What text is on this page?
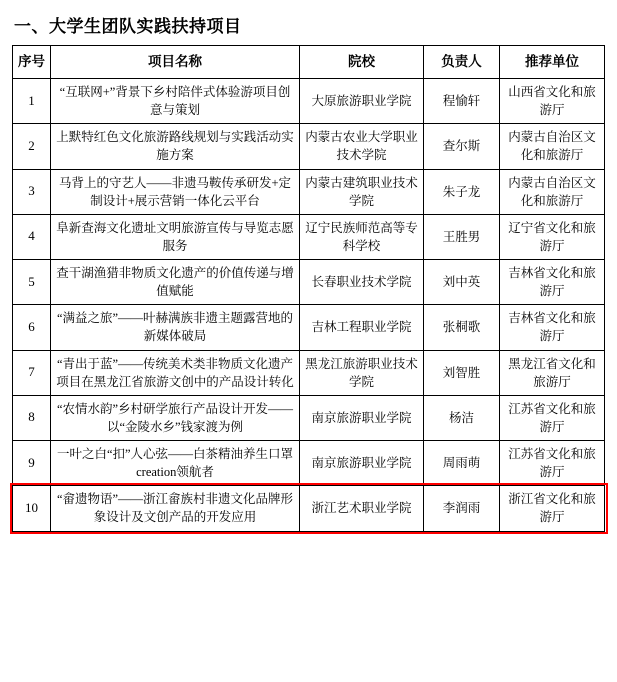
一、大学生团队实践扶持项目
序号	项目名称	院校	负责人	推荐单位
1	“互联网+”背景下乡村陪伴式体验游项目创意与策划	大原旅游职业学院	程愉轩	山西省文化和旅游厅
2	上默特红色文化旅游路线规划与实践活动实施方案	内蒙古农业大学职业技术学院	查尔斯	内蒙古自治区文化和旅游厅
3	马背上的守艺人——非遗马鞍传承研发+定制设计+展示营销一体化云平台	内蒙古建筑职业技术学院	朱子龙	内蒙古自治区文化和旅游厅
4	阜新查海文化遗址文明旅游宣传与导览志愿服务	辽宁民族师范高等专科学校	王胜男	辽宁省文化和旅游厅
5	查干湖渔猎非物质文化遗产的价值传递与增值赋能	长春职业技术学院	刘中英	吉林省文化和旅游厅
6	“满益之旅”——叶赫满族非遗主题露营地的新媒体破局	吉林工程职业学院	张桐歌	吉林省文化和旅游厅
7	“青出于蓝”——传统美术类非物质文化遗产项目在黑龙江省旅游文创中的产品设计转化	黑龙江旅游职业技术学院	刘智胜	黑龙江省文化和旅游厅
8	“农情水韵”乡村研学旅行产品设计开发——以“金陵水乡”钱家渡为例	南京旅游职业学院	杨洁	江苏省文化和旅游厅
9	一叶之白“扣”人心弦——白茶精油养生口罩creation领航者	南京旅游职业学院	周雨萌	江苏省文化和旅游厅
10	“畲遗物语”——浙江畲族村非遗文化品牌形象设计及文创产品的开发应用	浙江艺术职业学院	李润雨	浙江省文化和旅游厅
